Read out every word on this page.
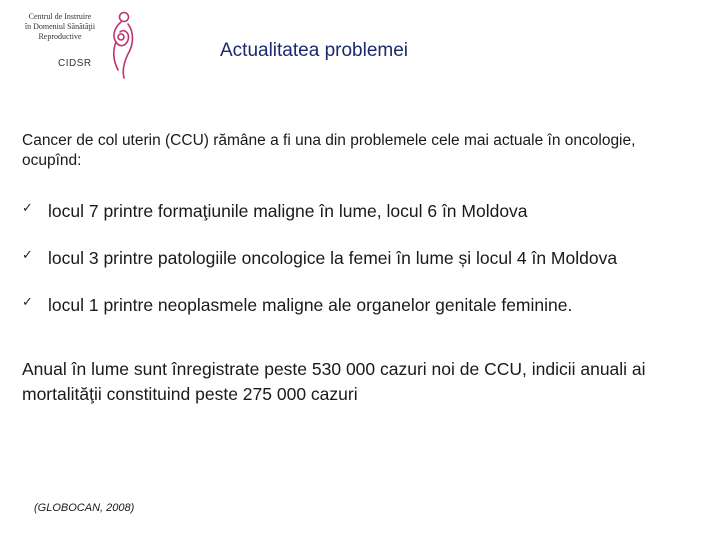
Centrul de Instruire
în Domeniul Sănătăţii
Reproductive
CIDSR
Actualitatea problemei
Cancer de col uterin (CCU) rămâne a fi una din problemele cele mai actuale în oncologie, ocupînd:
✓ locul 7 printre formaţiunile maligne în lume, locul 6 în Moldova
✓ locul 3 printre patologiile oncologice la femei în lume și locul 4 în Moldova
✓ locul 1 printre neoplasmele maligne ale organelor genitale feminine.
Anual în lume sunt înregistrate peste 530 000 cazuri noi de CCU, indicii anuali ai mortalităţii constituind peste 275 000 cazuri
(GLOBOCAN, 2008)
